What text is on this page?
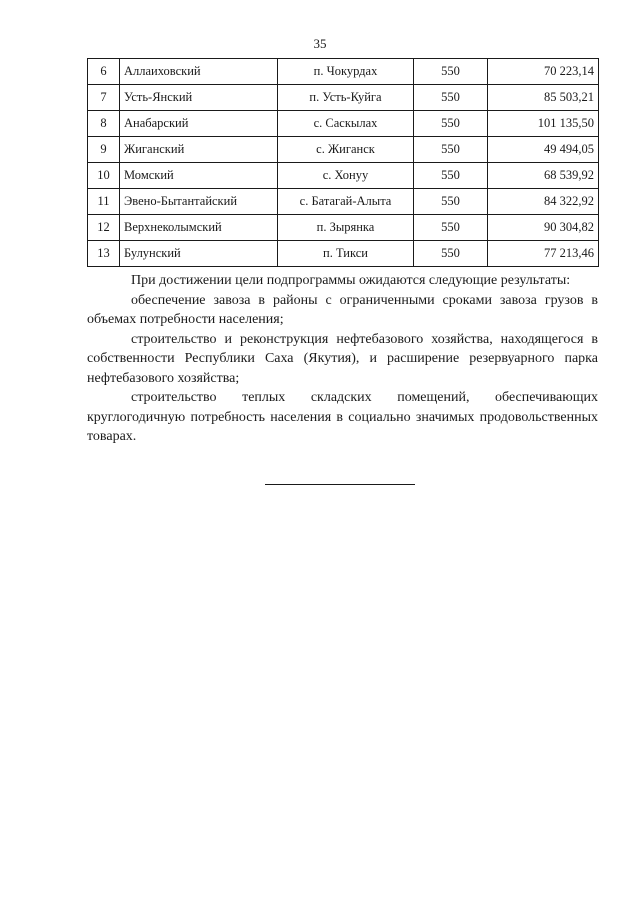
35
6	Аллаиховский	п. Чокурдах	550	70 223,14
7	Усть-Янский	п. Усть-Куйга	550	85 503,21
8	Анабарский	с. Саскылах	550	101 135,50
9	Жиганский	с. Жиганск	550	49 494,05
10	Момский	с. Хонуу	550	68 539,92
11	Эвено-Бытантайский	с. Батагай-Алыта	550	84 322,92
12	Верхнеколымский	п. Зырянка	550	90 304,82
13	Булунский	п. Тикси	550	77 213,46

При достижении цели подпрограммы ожидаются следующие результаты:

обеспечение завоза в районы с ограниченными сроками завоза грузов в объемах потребности населения;

строительство и реконструкция нефтебазового хозяйства, находящегося в собственности Республики Саха (Якутия), и расширение резервуарного парка нефтебазового хозяйства;

строительство теплых складских помещений, обеспечивающих круглогодичную потребность населения в социально значимых продовольственных товарах.
